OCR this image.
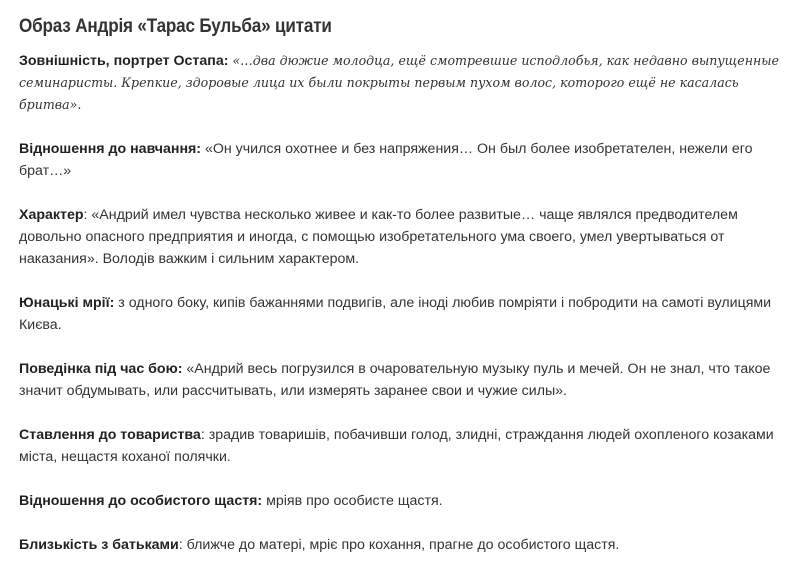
Образ Андрія «Тарас Бульба» цитати

Зовнішність, портрет Остапа: «…два дюжие молодца, ещё смотревшие исподлобья, как недавно выпущенные семинаристы. Крепкие, здоровые лица их были покрыты первым пухом волос, которого ещё не касалась бритва».

Відношення до навчання: «Он учился охотнее и без напряжения… Он был более изобретателен, нежели его брат…»

Характер: «Андрий имел чувства несколько живее и как-то более развитые… чаще являлся предводителем довольно опасного предприятия и иногда, с помощью изобретательного ума своего, умел увертываться от наказания». Володів важким і сильним характером.

Юнацькі мрії: з одного боку, кипів бажаннями подвигів, але іноді любив помріяти і побродити на самоті вулицями Києва.

Поведінка під час бою: «Андрий весь погрузился в очаровательную музыку пуль и мечей. Он не знал, что такое значит обдумывать, или рассчитывать, или измерять заранее свои и чужие силы».

Ставлення до товариства: зрадив товаришів, побачивши голод, злидні, страждання людей охопленого козаками міста, нещастя коханої полячки.

Відношення до особистого щастя: мріяв про особисте щастя.

Близькість з батьками: ближче до матері, мріє про кохання, прагне до особистого щастя.
